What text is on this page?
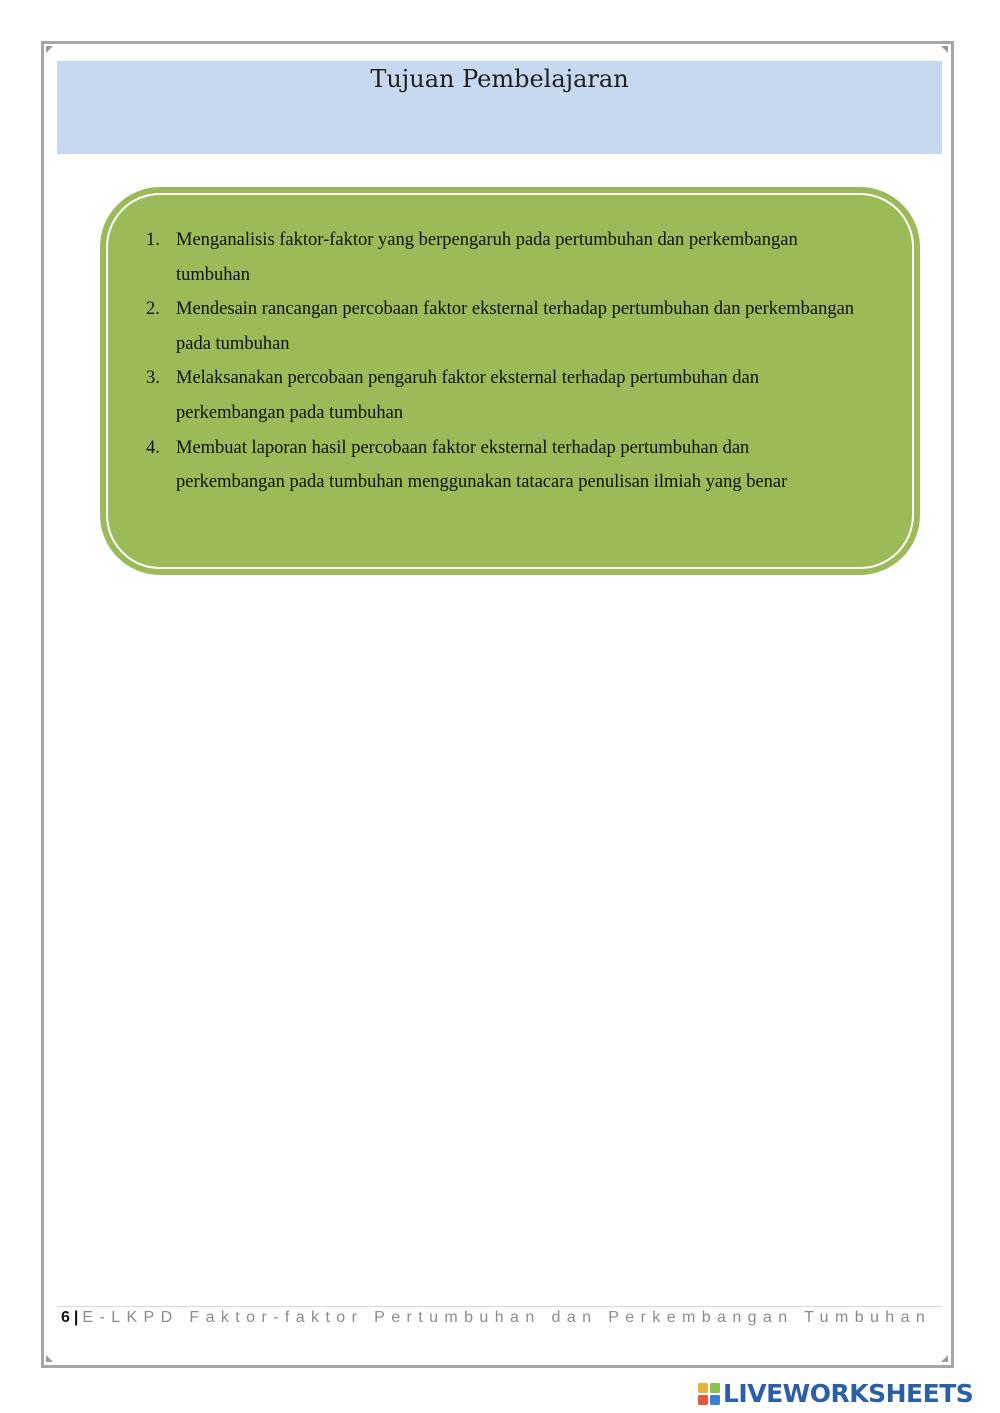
Tujuan Pembelajaran
1. Menganalisis faktor-faktor yang berpengaruh pada pertumbuhan dan perkembangan tumbuhan
2. Mendesain rancangan percobaan faktor eksternal terhadap pertumbuhan dan perkembangan pada tumbuhan
3. Melaksanakan percobaan pengaruh faktor eksternal terhadap pertumbuhan dan perkembangan pada tumbuhan
4. Membuat laporan hasil percobaan faktor eksternal terhadap pertumbuhan dan perkembangan pada tumbuhan menggunakan tatacara penulisan ilmiah yang benar
6 | E-LKPD Faktor-faktor Pertumbuhan dan Perkembangan Tumbuhan
LIVEWORKSHEETS
